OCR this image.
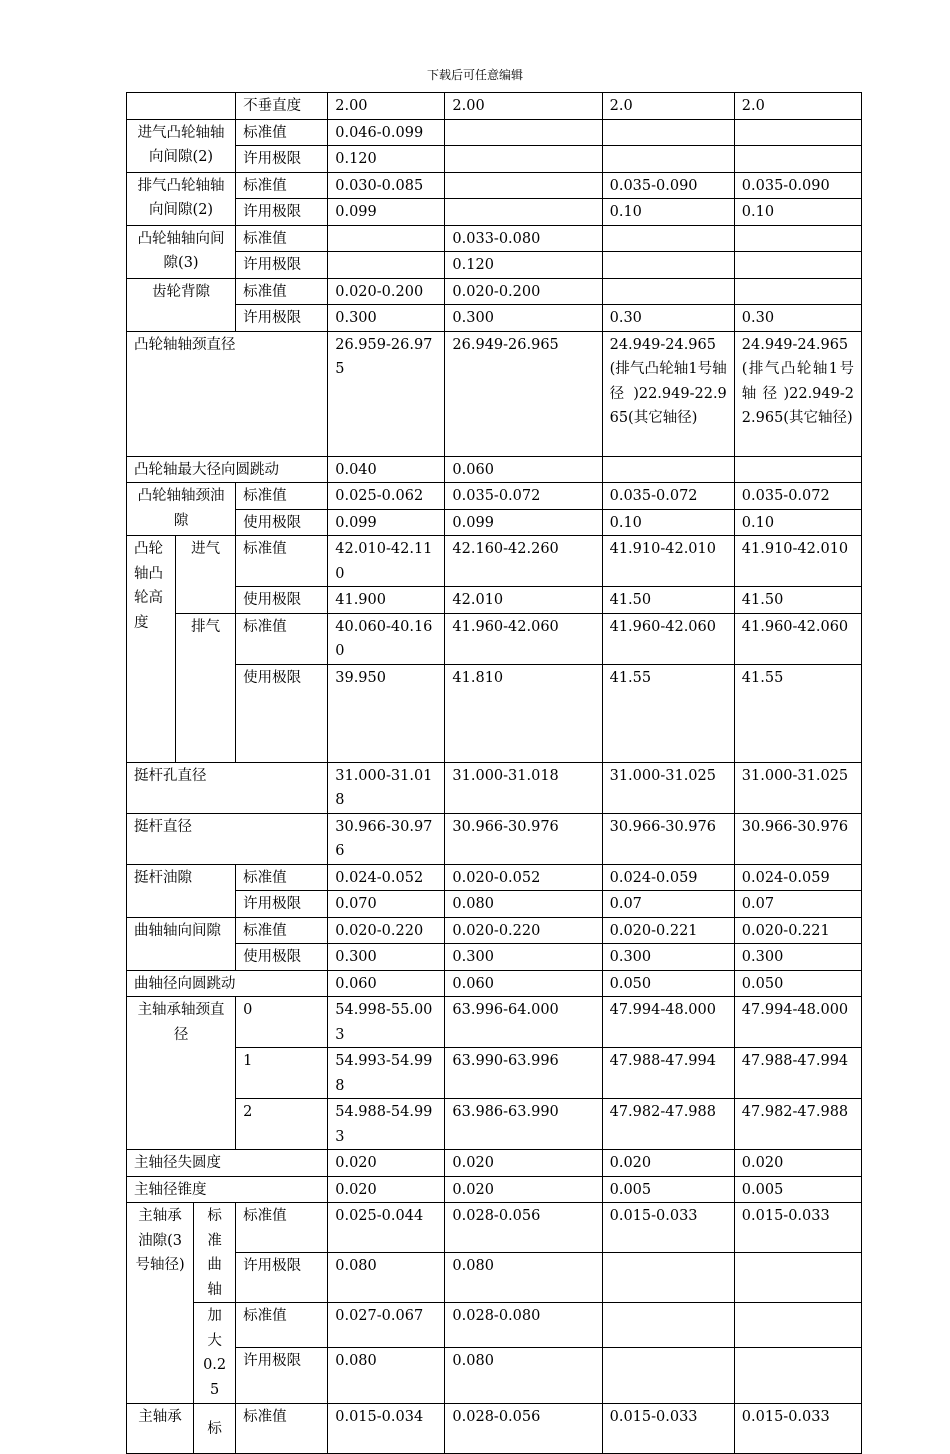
下载后可任意编辑
			不垂直度	2.00	2.00	2.0	2.0
进气凸轮轴轴向间隙(2)			标准值	0.046-0.099			
			许用极限	0.120			
排气凸轮轴轴向间隙(2)			标准值	0.030-0.085		0.035-0.090	0.035-0.090
			许用极限	0.099		0.10	0.10
凸轮轴轴向间隙(3)			标准值		0.033-0.080		
			许用极限		0.120		
齿轮背隙			标准值	0.020-0.200	0.020-0.200		
			许用极限	0.300	0.300	0.30	0.30
凸轮轴轴颈直径				26.959-26.975	26.949-26.965	24.949-24.965(排气凸轮轴1号轴径)22.949-22.965(其它轴径)	24.949-24.965(排气凸轮轴1号轴径)22.949-22.965(其它轴径)
凸轮轴最大径向圆跳动				0.040	0.060		
凸轮轴轴颈油隙			标准值	0.025-0.062	0.035-0.072	0.035-0.072	0.035-0.072
			使用极限	0.099	0.099	0.10	0.10
凸轮轴凸轮高度	进气		标准值	42.010-42.110	42.160-42.260	41.910-42.010	41.910-42.010
			使用极限	41.900	42.010	41.50	41.50
	排气		标准值	40.060-40.160	41.960-42.060	41.960-42.060	41.960-42.060
			使用极限	39.950	41.810	41.55	41.55
挺杆孔直径				31.000-31.018	31.000-31.018	31.000-31.025	31.000-31.025
挺杆直径				30.966-30.976	30.966-30.976	30.966-30.976	30.966-30.976
挺杆油隙			标准值	0.024-0.052	0.020-0.052	0.024-0.059	0.024-0.059
			许用极限	0.070	0.080	0.07	0.07
曲轴轴向间隙			标准值	0.020-0.220	0.020-0.220	0.020-0.221	0.020-0.221
			使用极限	0.300	0.300	0.300	0.300
曲轴径向圆跳动				0.060	0.060	0.050	0.050
主轴承轴颈直径			0	54.998-55.003	63.996-64.000	47.994-48.000	47.994-48.000
			1	54.993-54.998	63.990-63.996	47.988-47.994	47.988-47.994
			2	54.988-54.993	63.986-63.990	47.982-47.988	47.982-47.988
主轴径失圆度				0.020	0.020	0.020	0.020
主轴径锥度				0.020	0.020	0.005	0.005
主轴承油隙(3号轴径)		标准曲轴	标准值	0.025-0.044	0.028-0.056	0.015-0.033	0.015-0.033
			许用极限	0.080	0.080		
		加大0.25	标准值	0.027-0.067	0.028-0.080		
			许用极限	0.080	0.080		
主轴承		标	标准值	0.015-0.034	0.028-0.056	0.015-0.033	0.015-0.033
